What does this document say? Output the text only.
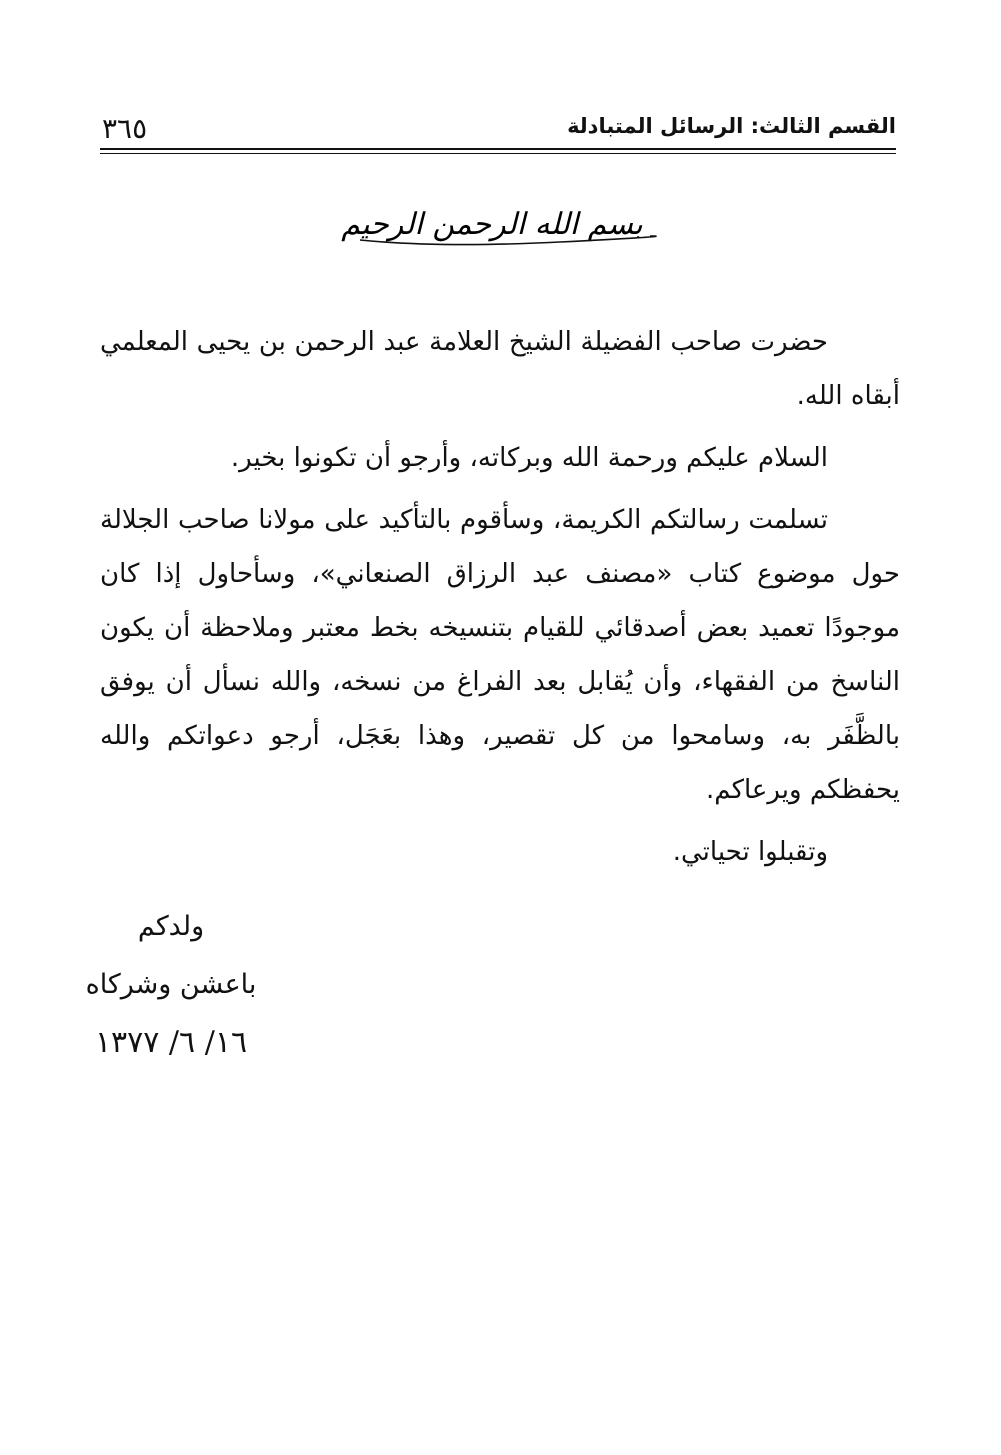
القسم الثالث: الرسائل المتبادلة
٣٦٥
بسم الله الرحمن الرحيم

حضرت صاحب الفضيلة الشيخ العلامة عبد الرحمن بن يحيى المعلمي أبقاه الله.

السلام عليكم ورحمة الله وبركاته، وأرجو أن تكونوا بخير.

تسلمت رسالتكم الكريمة، وسأقوم بالتأكيد على مولانا صاحب الجلالة حول موضوع كتاب «مصنف عبد الرزاق الصنعاني»، وسأحاول إذا كان موجودًا تعميد بعض أصدقائي للقيام بتنسيخه بخط معتبر وملاحظة أن يكون الناسخ من الفقهاء، وأن يُقابل بعد الفراغ من نسخه، والله نسأل أن يوفق بالظَّفَر به، وسامحوا من كل تقصير، وهذا بعَجَل، أرجو دعواتكم والله يحفظكم ويرعاكم.

وتقبلوا تحياتي.

ولدكم
باعشن وشركاه
١٦/ ٦/ ١٣٧٧
